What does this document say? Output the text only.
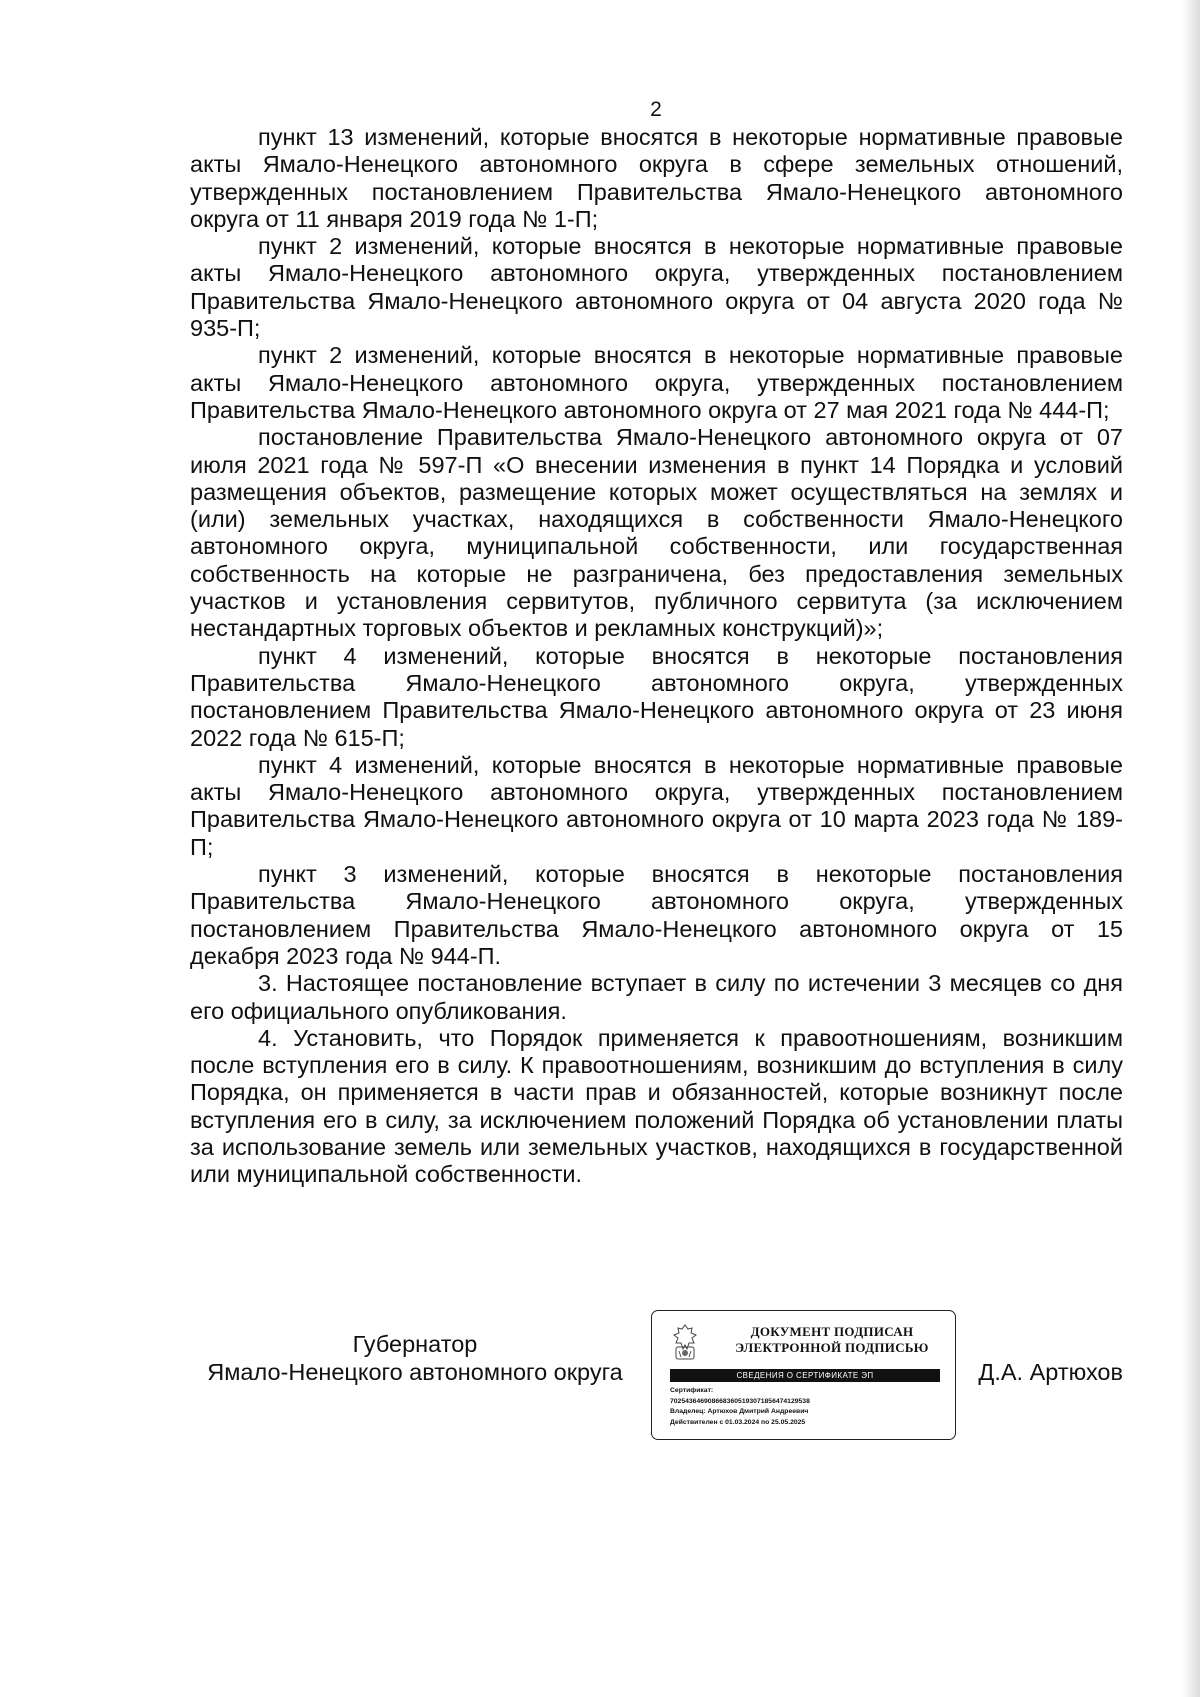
2

пункт 13 изменений, которые вносятся в некоторые нормативные правовые акты Ямало-Ненецкого автономного округа в сфере земельных отношений, утвержденных постановлением Правительства Ямало-Ненецкого автономного округа от 11 января 2019 года № 1-П;

пункт 2 изменений, которые вносятся в некоторые нормативные правовые акты Ямало-Ненецкого автономного округа, утвержденных постановлением Правительства Ямало-Ненецкого автономного округа от 04 августа 2020 года № 935-П;

пункт 2 изменений, которые вносятся в некоторые нормативные правовые акты Ямало-Ненецкого автономного округа, утвержденных постановлением Правительства Ямало-Ненецкого автономного округа от 27 мая 2021 года № 444-П;

постановление Правительства Ямало-Ненецкого автономного округа от 07 июля 2021 года № 597-П «О внесении изменения в пункт 14 Порядка и условий размещения объектов, размещение которых может осуществляться на землях и (или) земельных участках, находящихся в собственности Ямало-Ненецкого автономного округа, муниципальной собственности, или государственная собственность на которые не разграничена, без предоставления земельных участков и установления сервитутов, публичного сервитута (за исключением нестандартных торговых объектов и рекламных конструкций)»;

пункт 4 изменений, которые вносятся в некоторые постановления Правительства Ямало-Ненецкого автономного округа, утвержденных постановлением Правительства Ямало-Ненецкого автономного округа от 23 июня 2022 года № 615-П;

пункт 4 изменений, которые вносятся в некоторые нормативные правовые акты Ямало-Ненецкого автономного округа, утвержденных постановлением Правительства Ямало-Ненецкого автономного округа от 10 марта 2023 года № 189-П;

пункт 3 изменений, которые вносятся в некоторые постановления Правительства Ямало-Ненецкого автономного округа, утвержденных постановлением Правительства Ямало-Ненецкого автономного округа от 15 декабря 2023 года № 944-П.

3. Настоящее постановление вступает в силу по истечении 3 месяцев со дня его официального опубликования.

4. Установить, что Порядок применяется к правоотношениям, возникшим после вступления его в силу. К правоотношениям, возникшим до вступления в силу Порядка, он применяется в части прав и обязанностей, которые возникнут после вступления его в силу, за исключением положений Порядка об установлении платы за использование земель или земельных участков, находящихся в государственной или муниципальной собственности.

Губернатор
Ямало-Ненецкого автономного округа
ДОКУМЕНТ ПОДПИСАН
ЭЛЕКТРОННОЙ ПОДПИСЬЮ
СВЕДЕНИЯ О СЕРТИФИКАТЕ ЭП
Сертификат:
7025436469086683605193071856474129538
Владелец: Артюхов Дмитрий Андреевич
Действителен с 01.03.2024 по 25.05.2025
Д.А. Артюхов
